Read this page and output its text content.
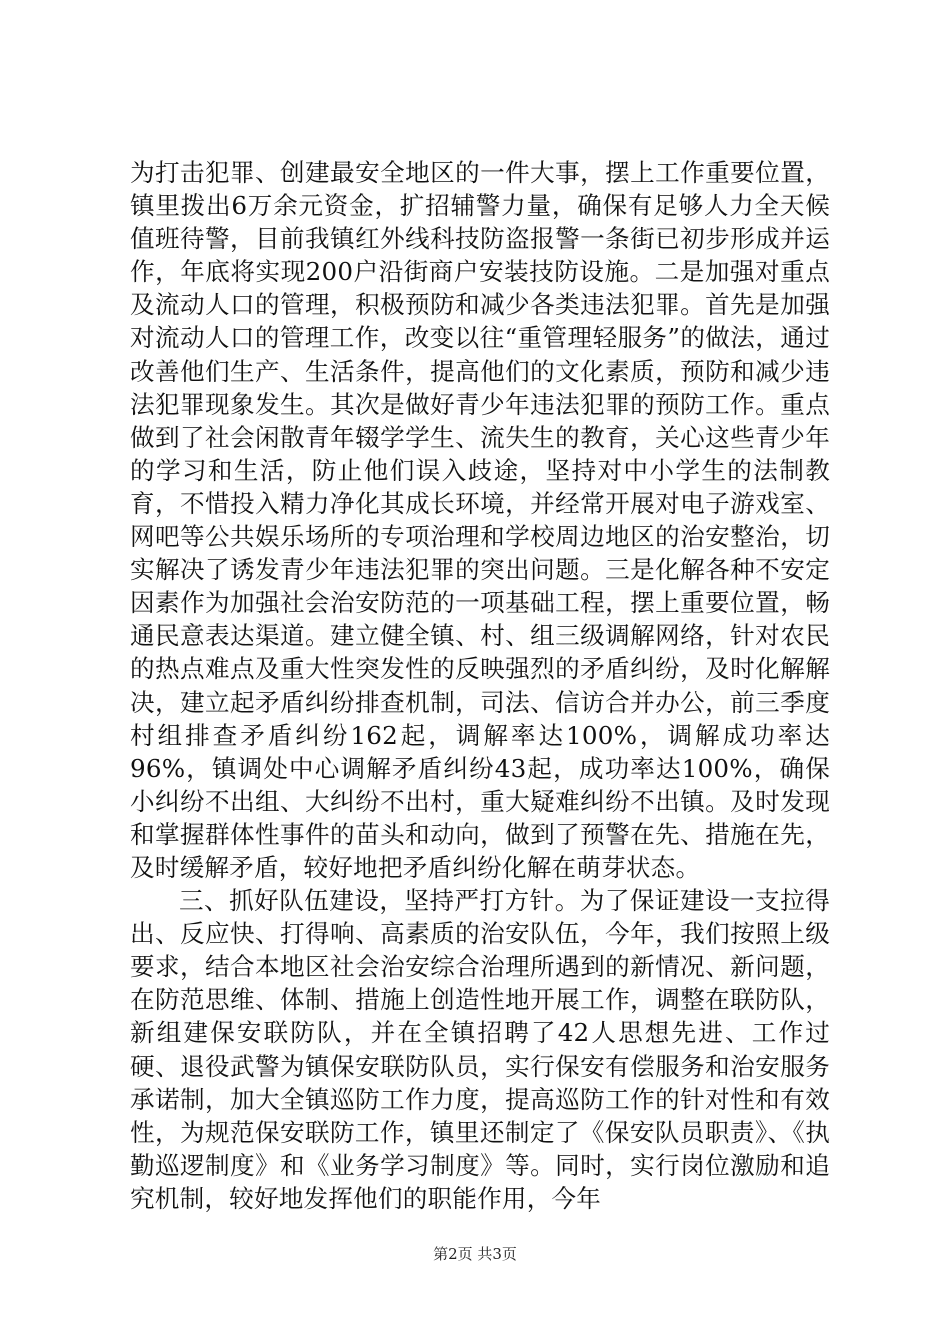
为打击犯罪、创建最安全地区的一件大事，摆上工作重要位置，镇里拨出6万余元资金，扩招辅警力量，确保有足够人力全天候值班待警，目前我镇红外线科技防盗报警一条街已初步形成并运作，年底将实现200户沿街商户安装技防设施。二是加强对重点及流动人口的管理，积极预防和减少各类违法犯罪。首先是加强对流动人口的管理工作，改变以往“重管理轻服务”的做法，通过改善他们生产、生活条件，提高他们的文化素质，预防和减少违法犯罪现象发生。其次是做好青少年违法犯罪的预防工作。重点做到了社会闲散青年辍学学生、流失生的教育，关心这些青少年的学习和生活，防止他们误入歧途，坚持对中小学生的法制教育，不惜投入精力净化其成长环境，并经常开展对电子游戏室、网吧等公共娱乐场所的专项治理和学校周边地区的治安整治，切实解决了诱发青少年违法犯罪的突出问题。三是化解各种不安定因素作为加强社会治安防范的一项基础工程，摆上重要位置，畅通民意表达渠道。建立健全镇、村、组三级调解网络，针对农民的热点难点及重大性突发性的反映强烈的矛盾纠纷，及时化解解决，建立起矛盾纠纷排查机制，司法、信访合并办公，前三季度村组排查矛盾纠纷162起，调解率达100%，调解成功率达96%，镇调处中心调解矛盾纠纷43起，成功率达100%，确保小纠纷不出组、大纠纷不出村，重大疑难纠纷不出镇。及时发现和掌握群体性事件的苗头和动向，做到了预警在先、措施在先，及时缓解矛盾，较好地把矛盾纠纷化解在萌芽状态。

三、抓好队伍建设，坚持严打方针。为了保证建设一支拉得出、反应快、打得响、高素质的治安队伍，今年，我们按照上级要求，结合本地区社会治安综合治理所遇到的新情况、新问题，在防范思维、体制、措施上创造性地开展工作，调整在联防队，新组建保安联防队，并在全镇招聘了42人思想先进、工作过硬、退役武警为镇保安联防队员，实行保安有偿服务和治安服务承诺制，加大全镇巡防工作力度，提高巡防工作的针对性和有效性，为规范保安联防工作，镇里还制定了《保安队员职责》、《执勤巡逻制度》和《业务学习制度》等。同时，实行岗位激励和追究机制，较好地发挥他们的职能作用，今年

第2页 共3页
